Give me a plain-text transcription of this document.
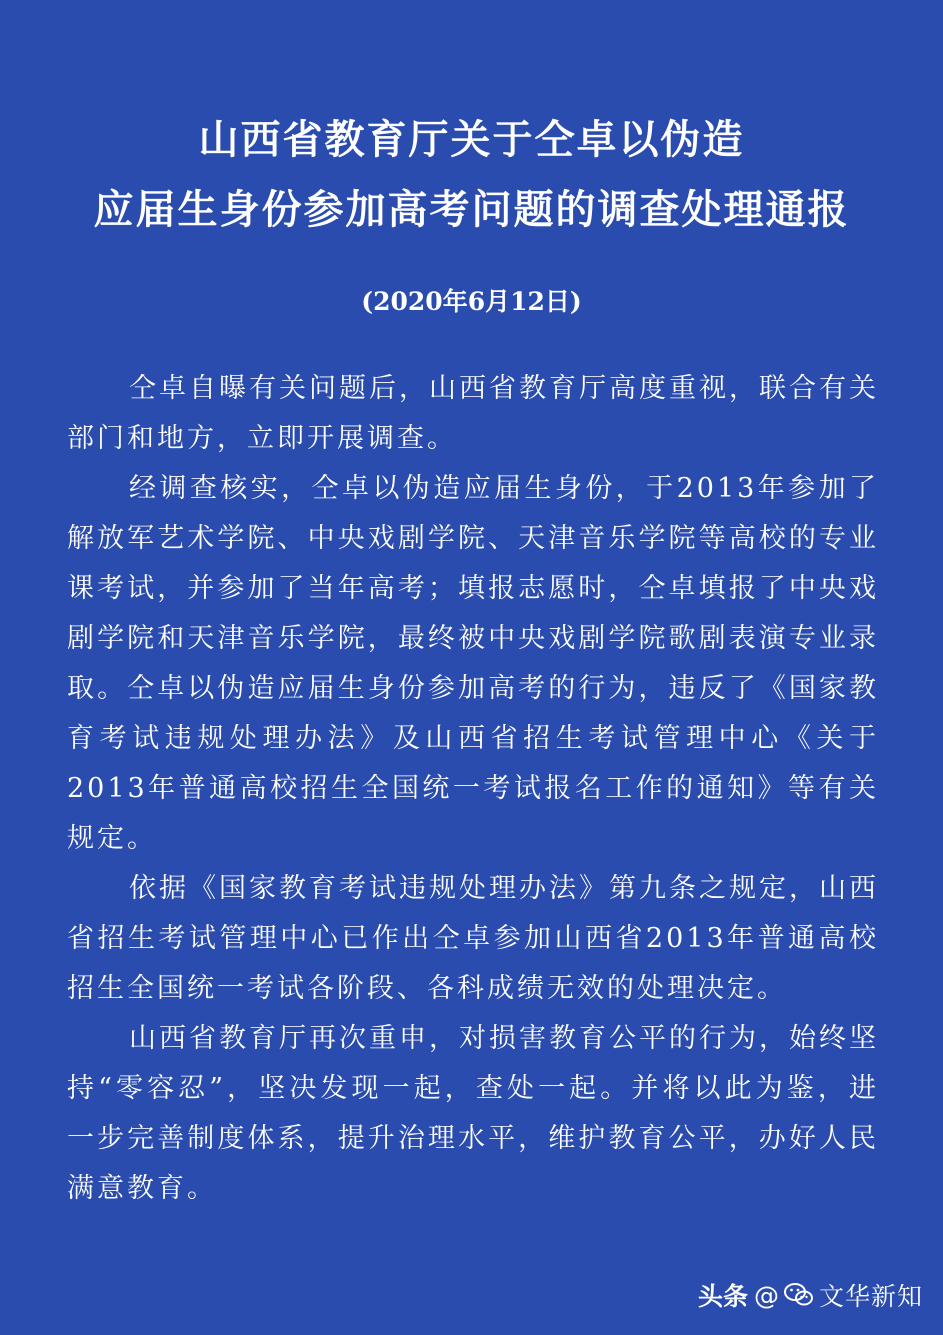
山西省教育厅关于仝卓以伪造
应届生身份参加高考问题的调查处理通报
(2020年6月12日)

仝卓自曝有关问题后，山西省教育厅高度重视，联合有关部门和地方，立即开展调查。

经调查核实，仝卓以伪造应届生身份，于2013年参加了解放军艺术学院、中央戏剧学院、天津音乐学院等高校的专业课考试，并参加了当年高考；填报志愿时，仝卓填报了中央戏剧学院和天津音乐学院，最终被中央戏剧学院歌剧表演专业录取。仝卓以伪造应届生身份参加高考的行为，违反了《国家教育考试违规处理办法》及山西省招生考试管理中心《关于2013年普通高校招生全国统一考试报名工作的通知》等有关规定。

依据《国家教育考试违规处理办法》第九条之规定，山西省招生考试管理中心已作出仝卓参加山西省2013年普通高校招生全国统一考试各阶段、各科成绩无效的处理决定。

山西省教育厅再次重申，对损害教育公平的行为，始终坚持“零容忍”，坚决发现一起，查处一起。并将以此为鉴，进一步完善制度体系，提升治理水平，维护教育公平，办好人民满意教育。

头条 @ 文华新知
